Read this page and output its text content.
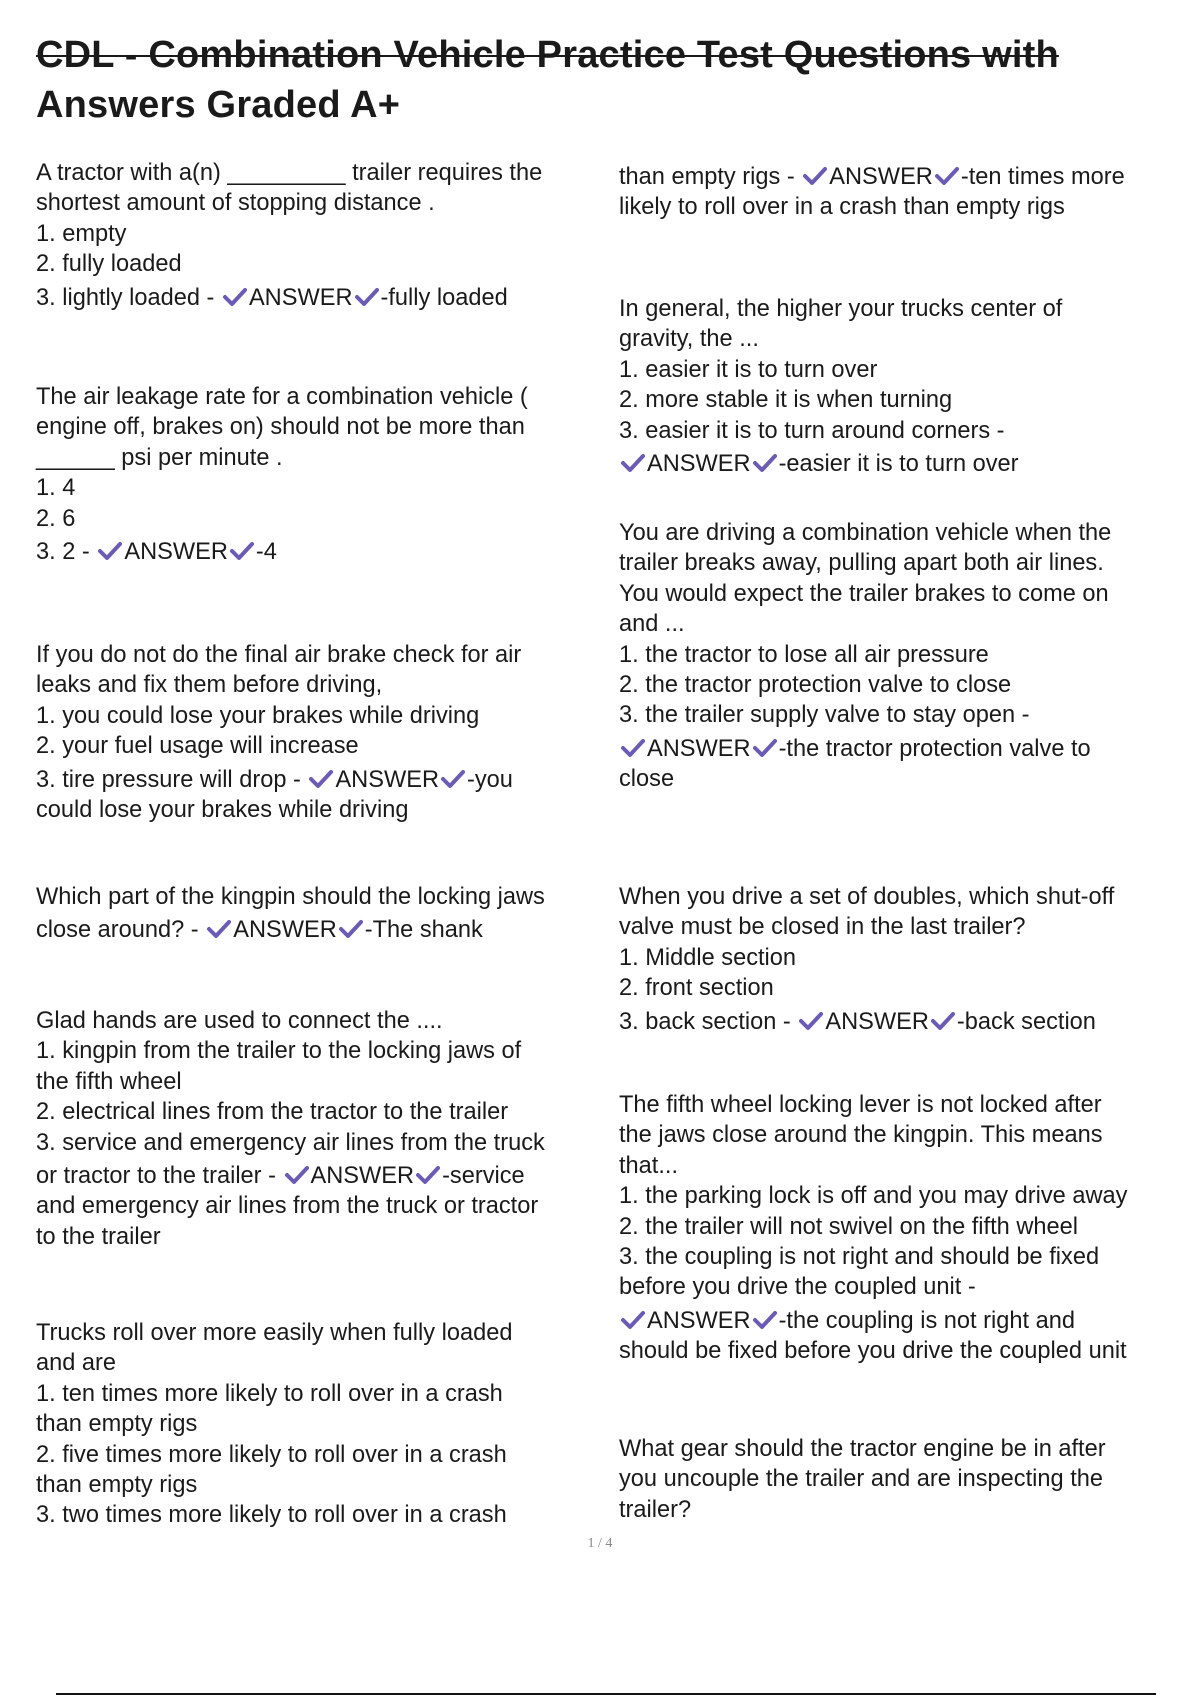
CDL - Combination Vehicle Practice Test Questions with
Answers Graded A+
A tractor with a(n) _________ trailer requires the
shortest amount of stopping distance .
1. empty
2. fully loaded
3. lightly loaded - ANSWER -fully loaded
The air leakage rate for a combination vehicle (
engine off, brakes on) should not be more than
______ psi per minute .
1. 4
2. 6
3. 2 - ANSWER -4
If you do not do the final air brake check for air
leaks and fix them before driving,
1. you could lose your brakes while driving
2. your fuel usage will increase
3. tire pressure will drop - ANSWER -you
could lose your brakes while driving
Which part of the kingpin should the locking jaws
close around? - ANSWER -The shank
Glad hands are used to connect the ....
1. kingpin from the trailer to the locking jaws of
the fifth wheel
2. electrical lines from the tractor to the trailer
3. service and emergency air lines from the truck
or tractor to the trailer - ANSWER -service
and emergency air lines from the truck or tractor
to the trailer
Trucks roll over more easily when fully loaded
and are
1. ten times more likely to roll over in a crash
than empty rigs
2. five times more likely to roll over in a crash
than empty rigs
3. two times more likely to roll over in a crash
than empty rigs - ANSWER -ten times more
likely to roll over in a crash than empty rigs
In general, the higher your trucks center of
gravity, the ...
1. easier it is to turn over
2. more stable it is when turning
3. easier it is to turn around corners -
ANSWER -easier it is to turn over
You are driving a combination vehicle when the
trailer breaks away, pulling apart both air lines.
You would expect the trailer brakes to come on
and ...
1. the tractor to lose all air pressure
2. the tractor protection valve to close
3. the trailer supply valve to stay open -
ANSWER -the tractor protection valve to
close
When you drive a set of doubles, which shut-off
valve must be closed in the last trailer?
1. Middle section
2. front section
3. back section - ANSWER -back section
The fifth wheel locking lever is not locked after
the jaws close around the kingpin. This means
that...
1. the parking lock is off and you may drive away
2. the trailer will not swivel on the fifth wheel
3. the coupling is not right and should be fixed
before you drive the coupled unit -
ANSWER -the coupling is not right and
should be fixed before you drive the coupled unit
What gear should the tractor engine be in after
you uncouple the trailer and are inspecting the
trailer?
1 / 4
